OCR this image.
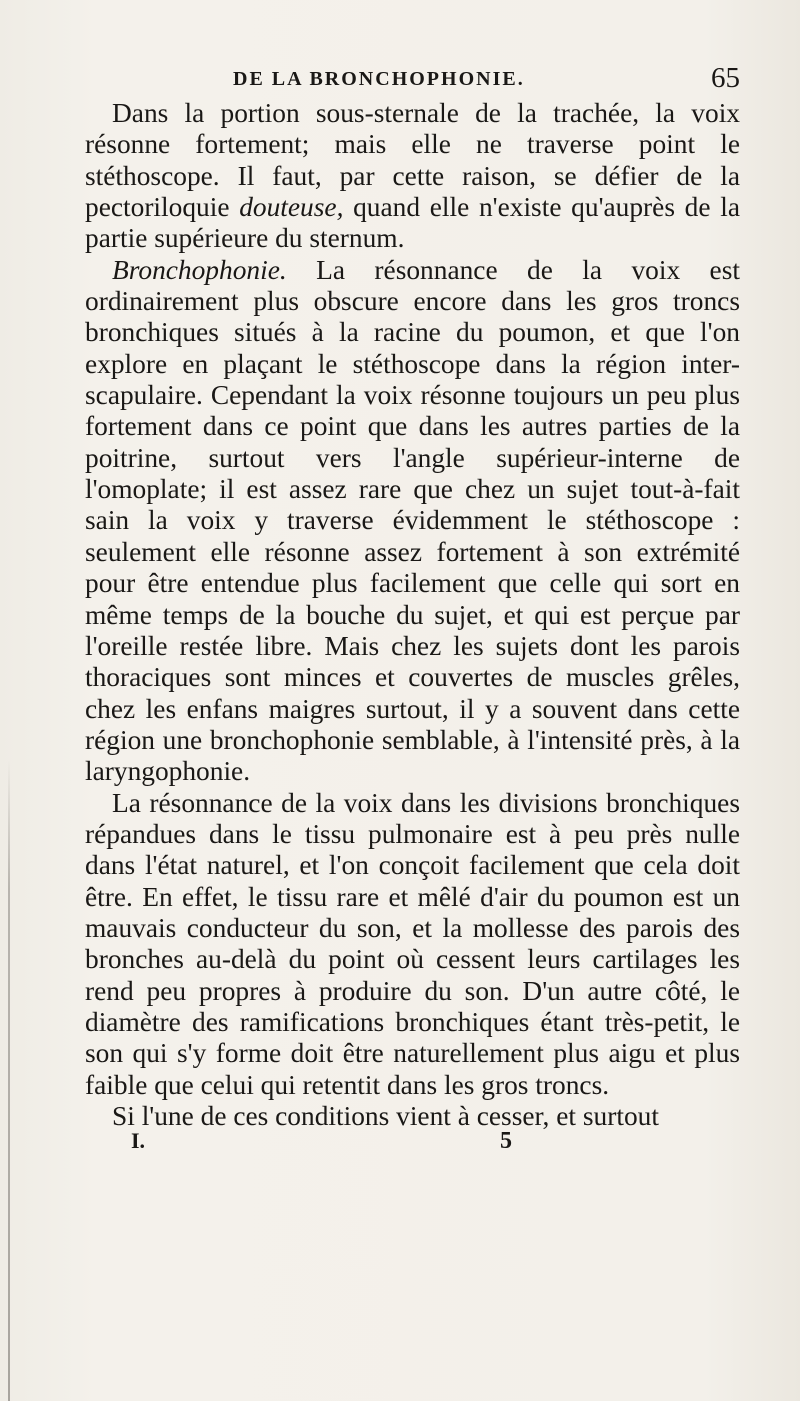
DE LA BRONCHOPHONIE.	65

Dans la portion sous-sternale de la trachée, la voix résonne fortement; mais elle ne traverse point le stéthoscope. Il faut, par cette raison, se défier de la pectoriloquie douteuse, quand elle n'existe qu'auprès de la partie supérieure du sternum.

Bronchophonie. La résonnance de la voix est ordinairement plus obscure encore dans les gros troncs bronchiques situés à la racine du poumon, et que l'on explore en plaçant le stéthoscope dans la région inter-scapulaire. Cependant la voix résonne toujours un peu plus fortement dans ce point que dans les autres parties de la poitrine, surtout vers l'angle supérieur-interne de l'omoplate; il est assez rare que chez un sujet tout-à-fait sain la voix y traverse évidemment le stéthoscope : seulement elle résonne assez fortement à son extrémité pour être entendue plus facilement que celle qui sort en même temps de la bouche du sujet, et qui est perçue par l'oreille restée libre. Mais chez les sujets dont les parois thoraciques sont minces et couvertes de muscles grêles, chez les enfans maigres surtout, il y a souvent dans cette région une bronchophonie semblable, à l'intensité près, à la laryngophonie.

La résonnance de la voix dans les divisions bronchiques répandues dans le tissu pulmonaire est à peu près nulle dans l'état naturel, et l'on conçoit facilement que cela doit être. En effet, le tissu rare et mêlé d'air du poumon est un mauvais conducteur du son, et la mollesse des parois des bronches au-delà du point où cessent leurs cartilages les rend peu propres à produire du son. D'un autre côté, le diamètre des ramifications bronchiques étant très-petit, le son qui s'y forme doit être naturellement plus aigu et plus faible que celui qui retentit dans les gros troncs.

Si l'une de ces conditions vient à cesser, et surtout

I.	5
